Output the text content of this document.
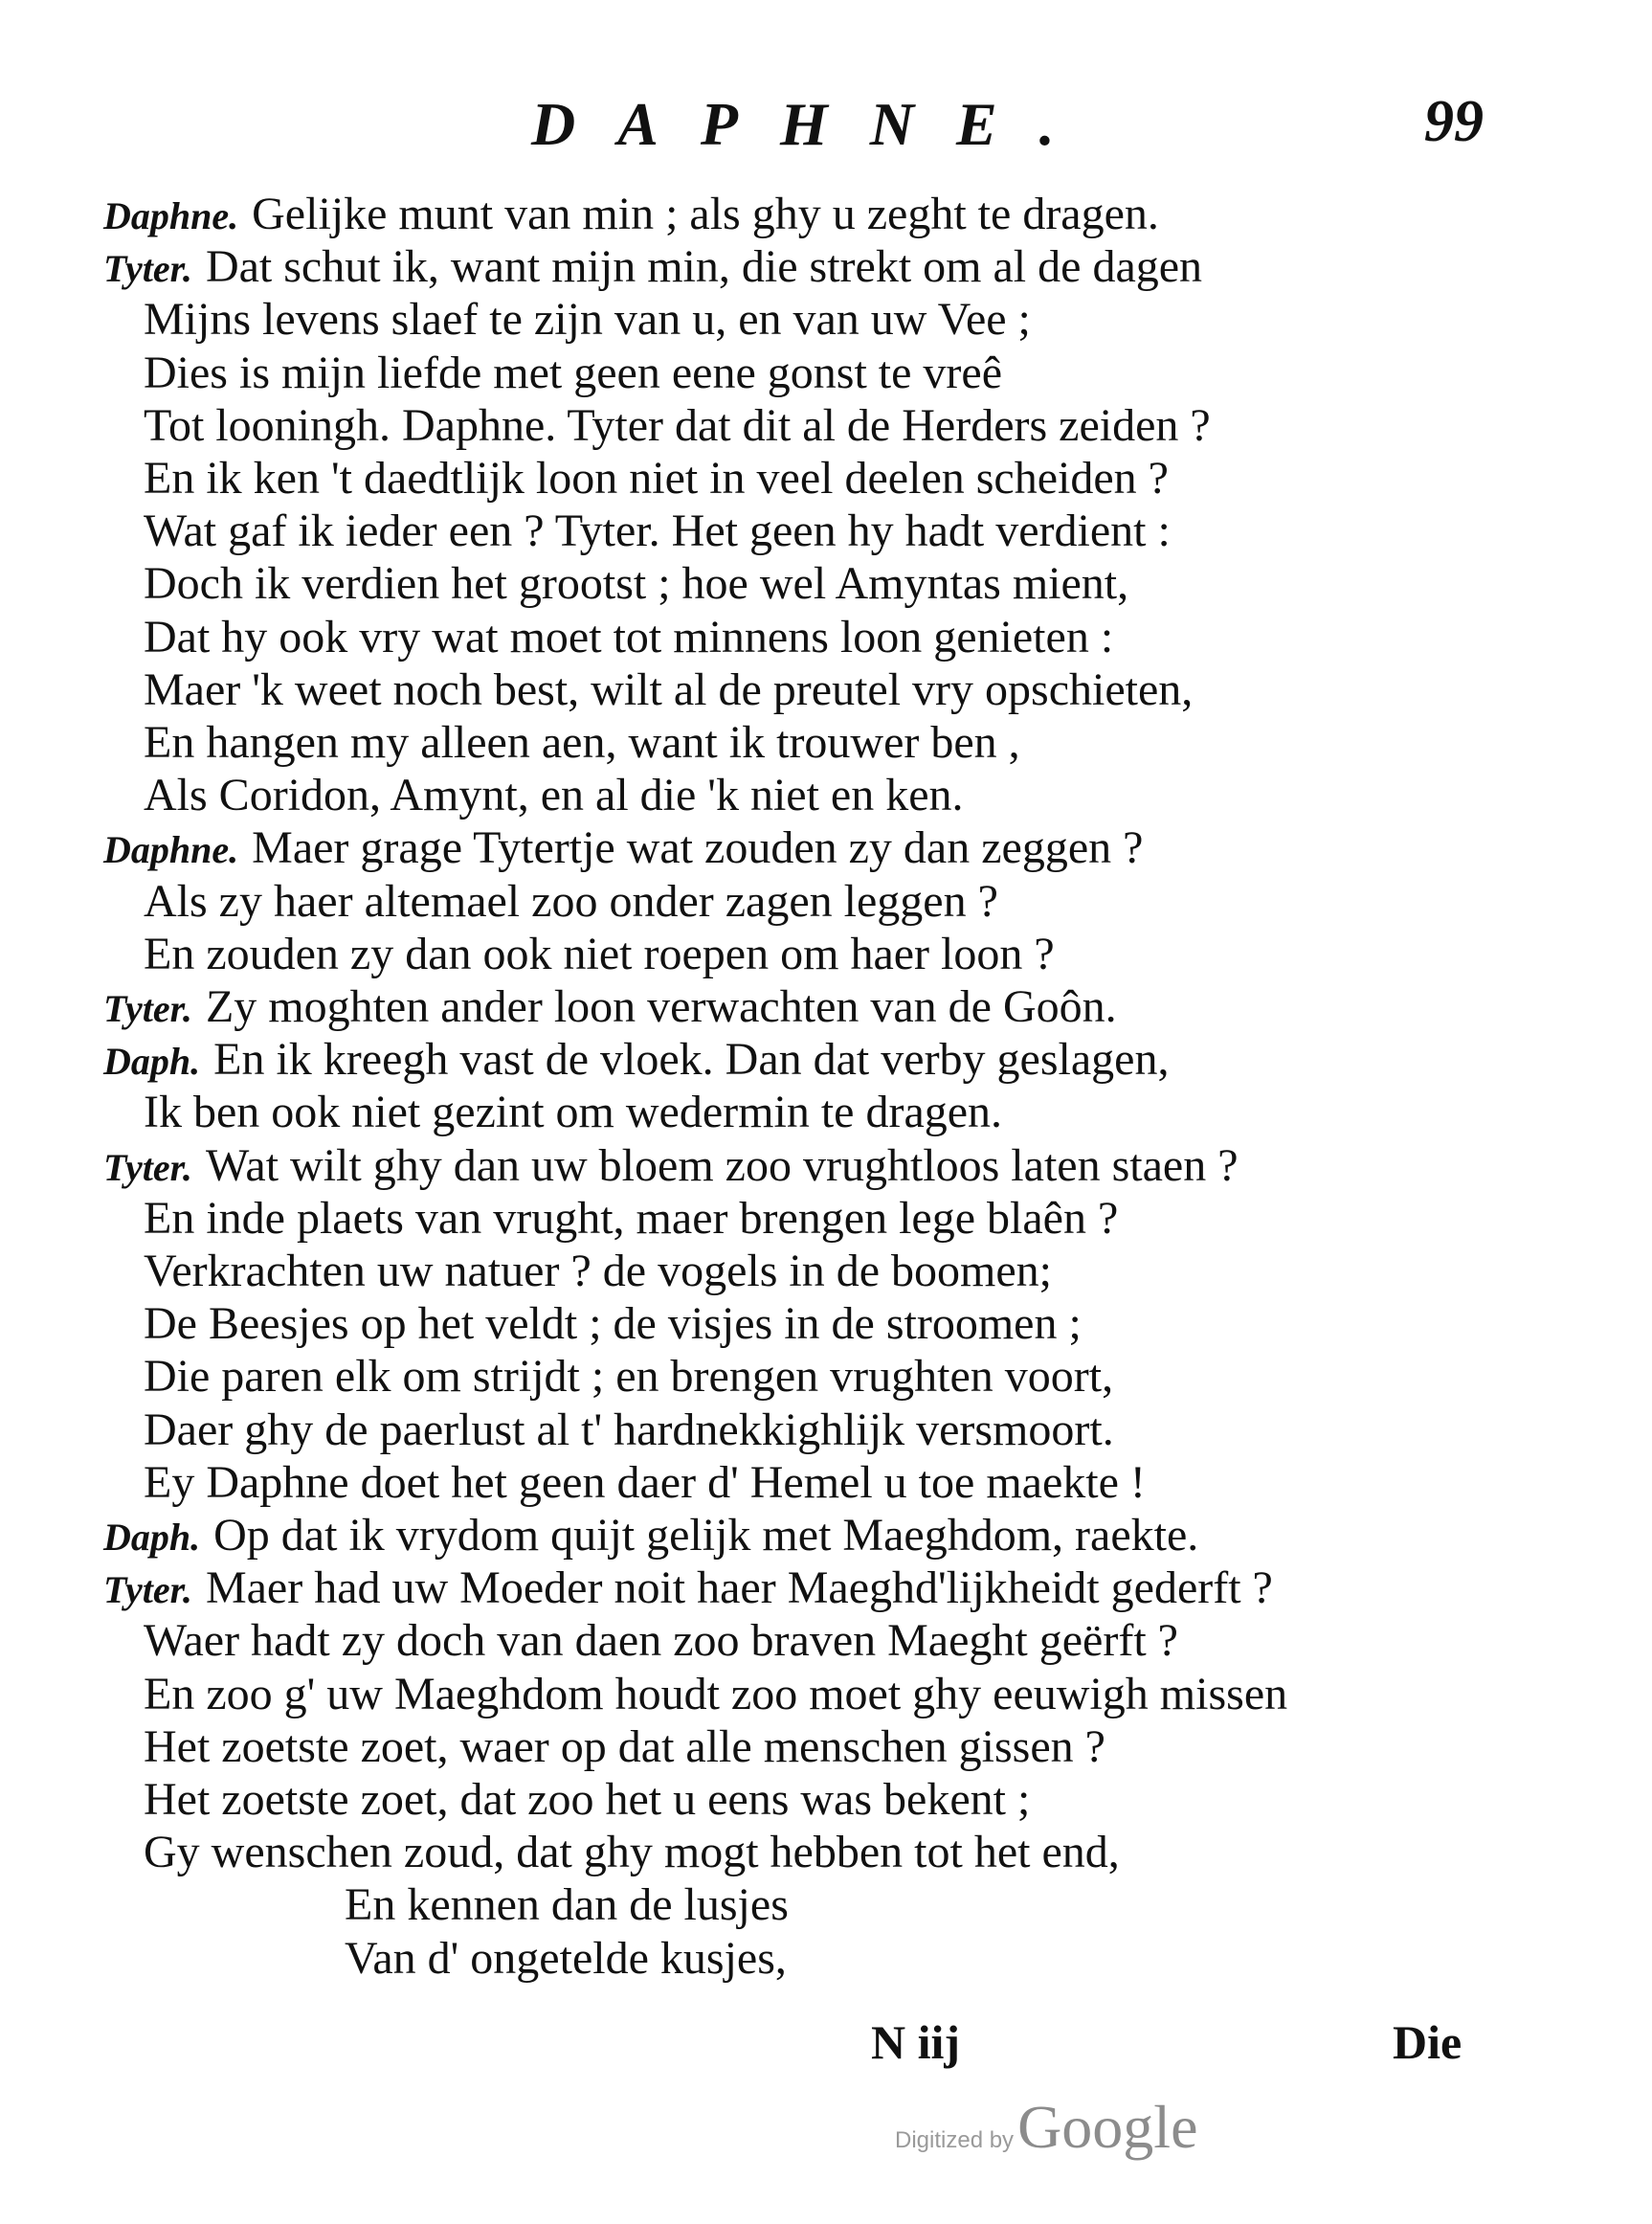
DAPHNE.	99
Daphne. Gelijke munt van min ; als ghy u zeght te dragen.
Tyter. Dat schut ik, want mijn min, die strekt om al de dagen
Mijns levens slaef te zijn van u, en van uw Vee ;
Dies is mijn liefde met geen eene gonst te vreê
Tot looningh. Daphne. Tyter dat dit al de Herders zeiden ?
En ik ken 't daedtlijk loon niet in veel deelen scheiden ?
Wat gaf ik ieder een ? Tyter. Het geen hy hadt verdient :
Doch ik verdien het grootst ; hoe wel Amyntas mient,
Dat hy ook vry wat moet tot minnens loon genieten :
Maer 'k weet noch best, wilt al de preutel vry opschieten,
En hangen my alleen aen, want ik trouwer ben ,
Als Coridon, Amynt, en al die 'k niet en ken.
Daphne. Maer grage Tytertje wat zouden zy dan zeggen ?
Als zy haer altemael zoo onder zagen leggen ?
En zouden zy dan ook niet roepen om haer loon ?
Tyter. Zy moghten ander loon verwachten van de Goôn.
Daph. En ik kreegh vast de vloek. Dan dat verby geslagen,
Ik ben ook niet gezint om wedermin te dragen.
Tyter. Wat wilt ghy dan uw bloem zoo vrughtloos laten staen ?
En inde plaets van vrught, maer brengen lege blaên ?
Verkrachten uw natuer ? de vogels in de boomen;
De Beesjes op het veldt ; de visjes in de stroomen ;
Die paren elk om strijdt ; en brengen vrughten voort,
Daer ghy de paerlust al t' hardnekkighlijk versmoort.
Ey Daphne doet het geen daer d' Hemel u toe maekte !
Daph. Op dat ik vrydom quijt gelijk met Maeghdom, raekte.
Tyter. Maer had uw Moeder noit haer Maeghd'lijkheidt gederft ?
Waer hadt zy doch van daen zoo braven Maeght geërft ?
En zoo g' uw Maeghdom houdt zoo moet ghy eeuwigh missen
Het zoetste zoet, waer op dat alle menschen gissen ?
Het zoetste zoet, dat zoo het u eens was bekent ;
Gy wenschen zoud, dat ghy mogt hebben tot het end,
En kennen dan de lusjes
Van d' ongetelde kusjes,
N iij	Die
Digitized by Google
